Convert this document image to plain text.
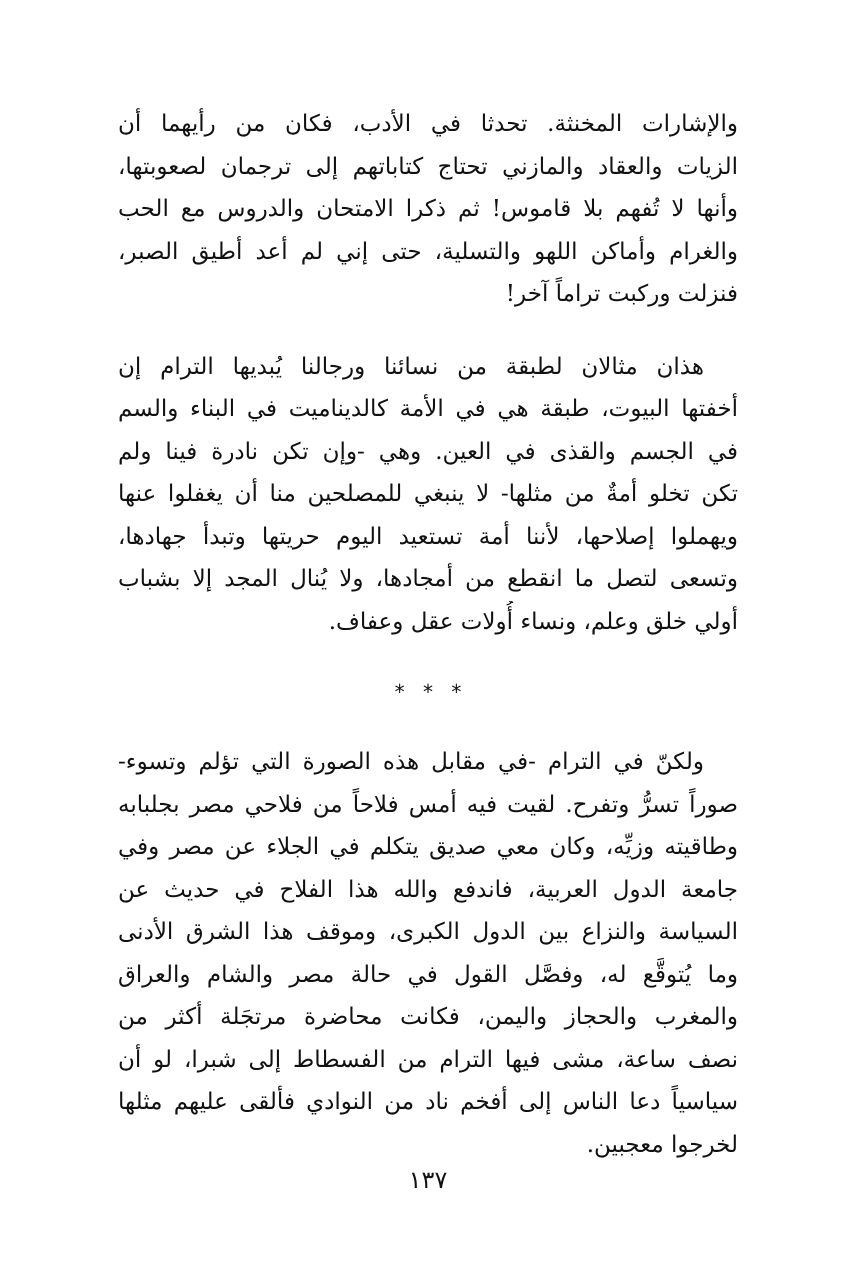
والإشارات المخنثة. تحدثا في الأدب، فكان من رأيهما أن
الزيات والعقاد والمازني تحتاج كتاباتهم إلى ترجمان لصعوبتها،
وأنها لا تُفهم بلا قاموس! ثم ذكرا الامتحان والدروس مع الحب
والغرام وأماكن اللهو والتسلية، حتى إني لم أعد أطيق الصبر،
فنزلت وركبت تراماً آخر!
هذان مثالان لطبقة من نسائنا ورجالنا يُبديها الترام إن
أخفتها البيوت، طبقة هي في الأمة كالديناميت في البناء والسم
في الجسم والقذى في العين. وهي -وإن تكن نادرة فينا ولم
تكن تخلو أمةٌ من مثلها- لا ينبغي للمصلحين منا أن يغفلوا عنها
ويهملوا إصلاحها، لأننا أمة تستعيد اليوم حريتها وتبدأ جهادها،
وتسعى لتصل ما انقطع من أمجادها، ولا يُنال المجد إلا بشباب
أولي خلق وعلم، ونساء أُولات عقل وعفاف.
* * *
ولكنّ في الترام -في مقابل هذه الصورة التي تؤلم وتسوء-
صوراً تسرُّ وتفرح. لقيت فيه أمس فلاحاً من فلاحي مصر بجلبابه
وطاقيته وزيِّه، وكان معي صديق يتكلم في الجلاء عن مصر وفي
جامعة الدول العربية، فاندفع والله هذا الفلاح في حديث عن
السياسة والنزاع بين الدول الكبرى، وموقف هذا الشرق الأدنى
وما يُتوقَّع له، وفصَّل القول في حالة مصر والشام والعراق
والمغرب والحجاز واليمن، فكانت محاضرة مرتجَلة أكثر من
نصف ساعة، مشى فيها الترام من الفسطاط إلى شبرا، لو أن
سياسياً دعا الناس إلى أفخم ناد من النوادي فألقى عليهم مثلها
لخرجوا معجبين.
١٣٧
